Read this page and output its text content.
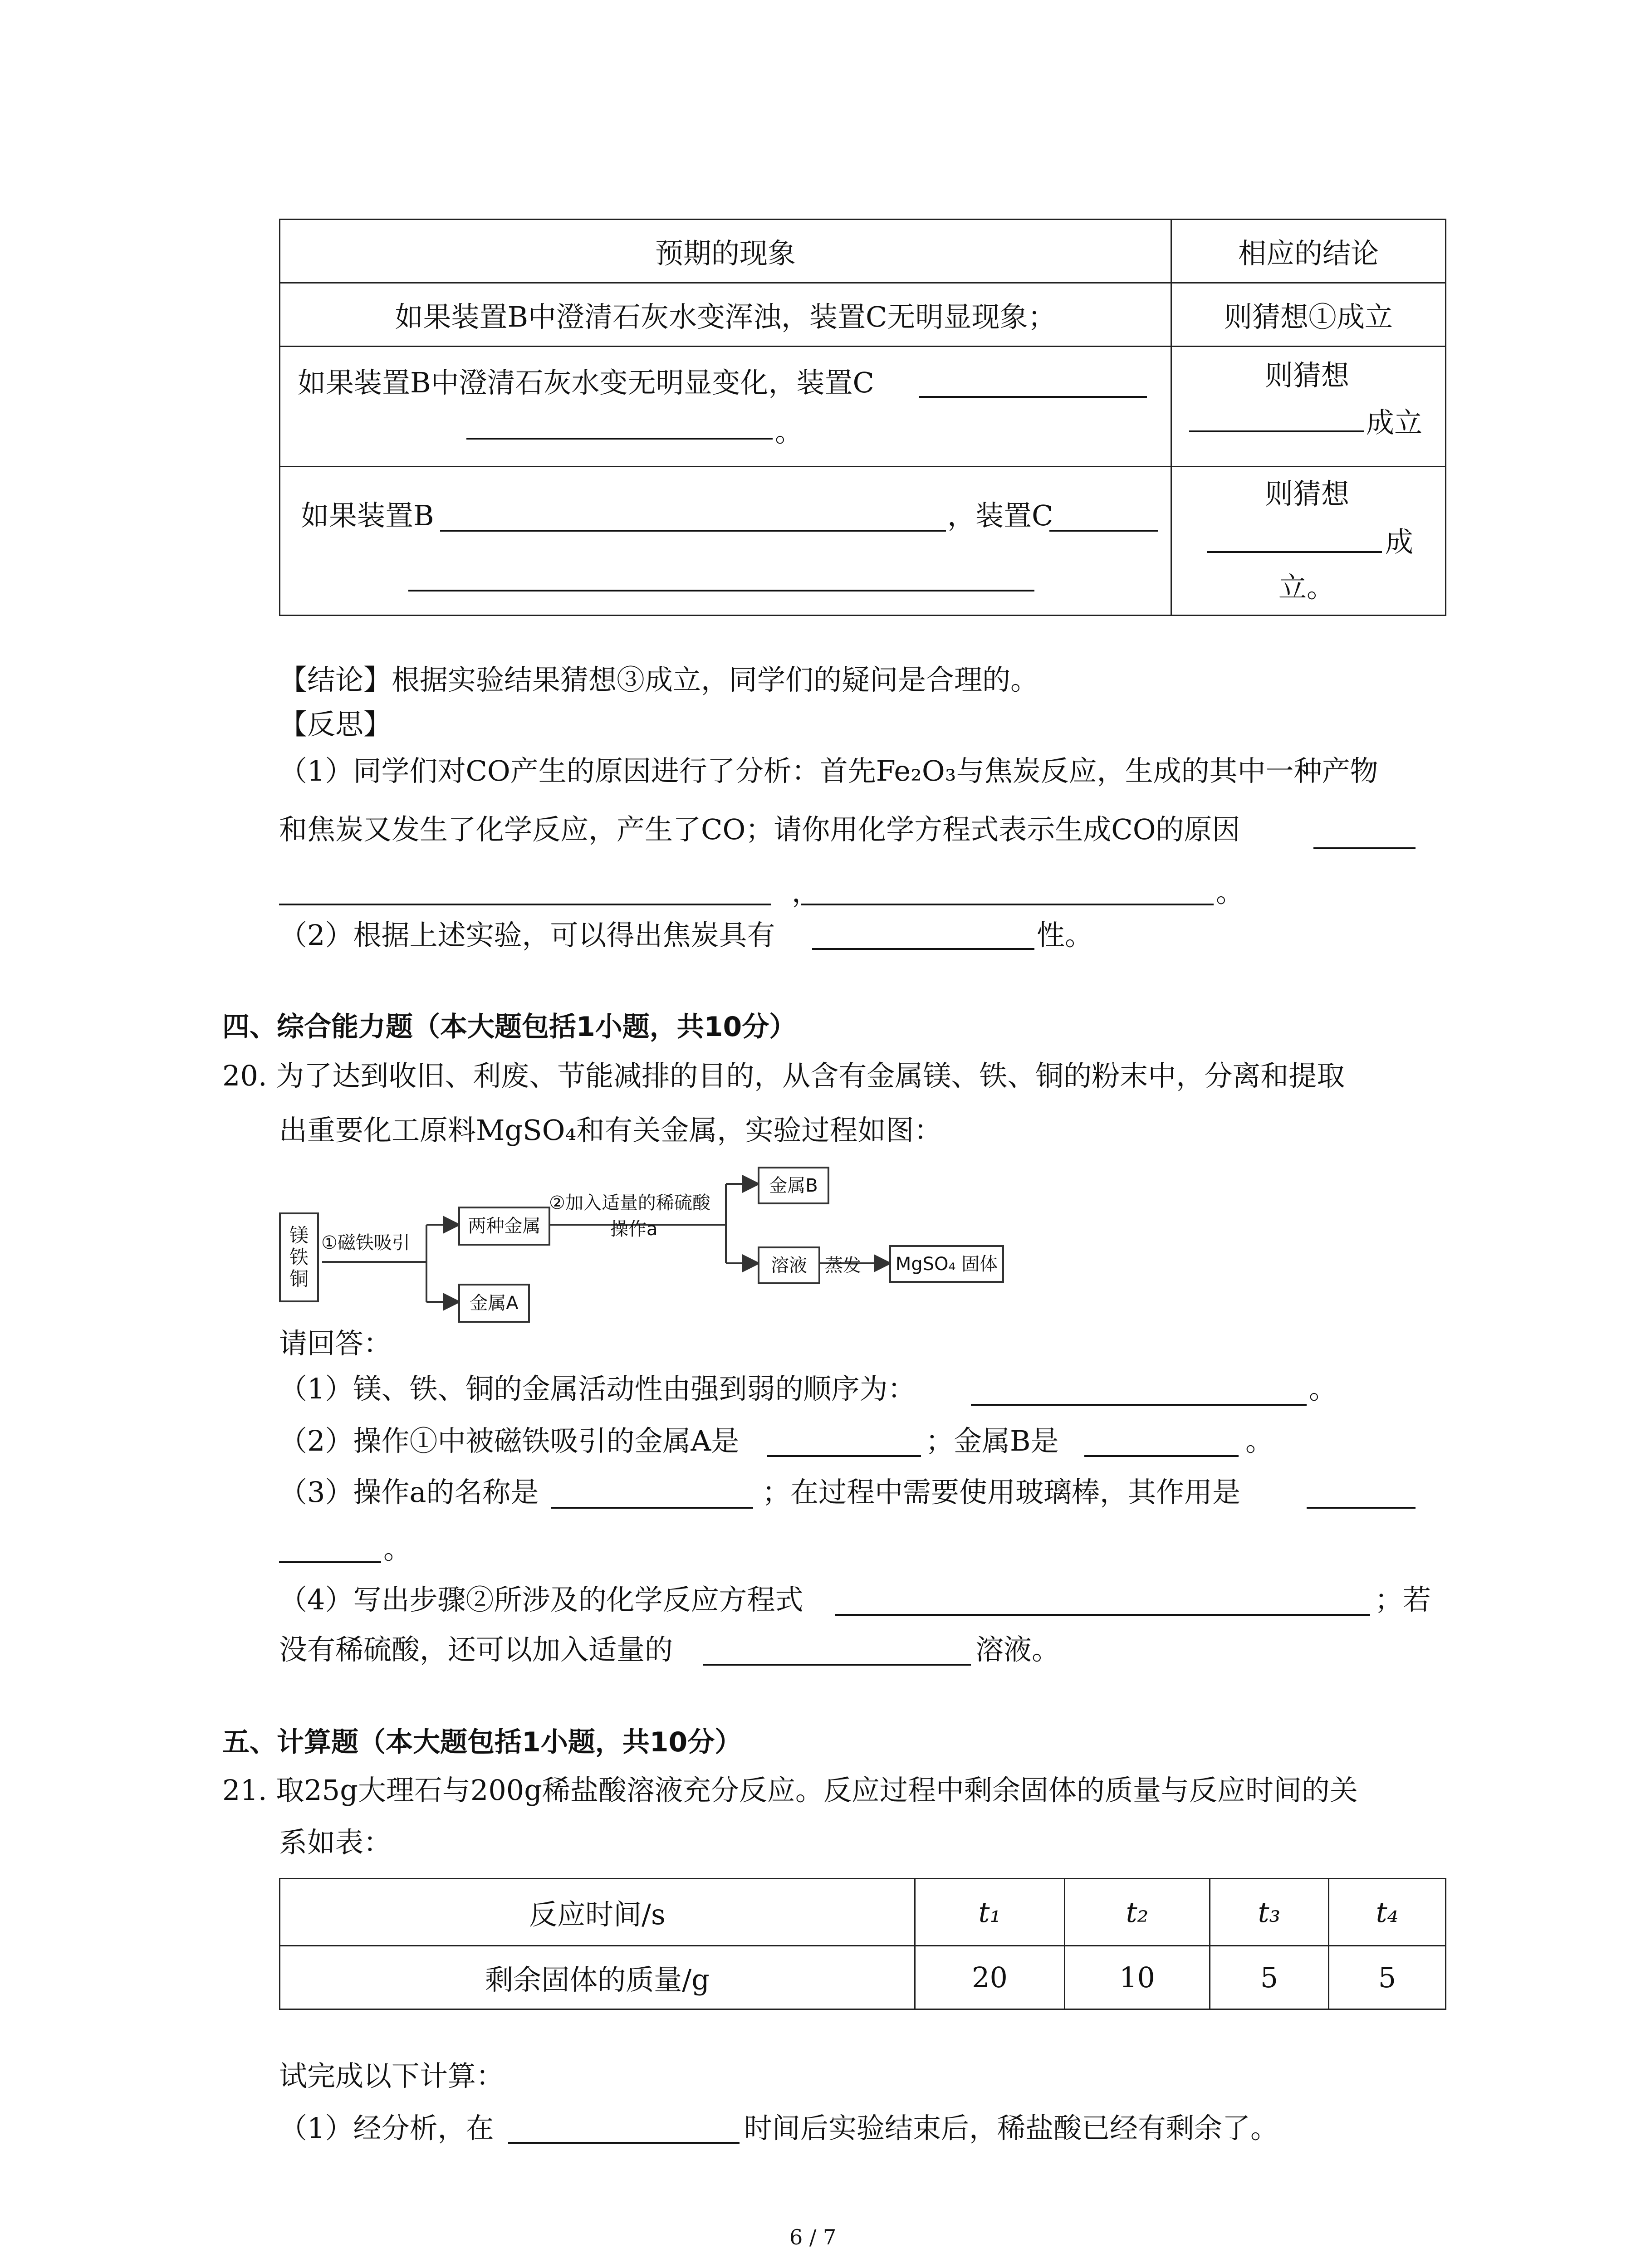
预期的现象	相应的结论
如果装置B中澄清石灰水变浑浊，装置C无明显现象；	则猜想①成立

如果装置B中澄清石灰水变无明显变化，装置C
。	则猜想
成立

如果装置B ，装置C	则猜想
成
立。
【结论】根据实验结果猜想③成立，同学们的疑问是合理的。
【反思】
（1）同学们对CO产生的原因进行了分析：首先Fe₂O₃与焦炭反应，生成的其中一种产物
和焦炭又发生了化学反应，产生了CO；请你用化学方程式表示生成CO的原因
，	。
（2）根据上述实验，可以得出焦炭具有	性。
四、综合能力题（本大题包括1小题，共10分）
20. 为了达到收旧、利废、节能减排的目的，从含有金属镁、铁、铜的粉末中，分离和提取
出重要化工原料MgSO₄和有关金属，实验过程如图：
镁
铁
铜
①磁铁吸引
两种金属
金属A
②加入适量的稀硫酸
操作a
金属B
溶液 蒸发	MgSO₄ 固体
请回答：
（1）镁、铁、铜的金属活动性由强到弱的顺序为：	。
（2）操作①中被磁铁吸引的金属A是	；金属B是	。
（3）操作a的名称是	；在过程中需要使用玻璃棒，其作用是
。
（4）写出步骤②所涉及的化学反应方程式	；若
没有稀硫酸，还可以加入适量的	溶液。
五、计算题（本大题包括1小题，共10分）
21. 取25g大理石与200g稀盐酸溶液充分反应。反应过程中剩余固体的质量与反应时间的关
系如表：
反应时间/s	t₁	t₂	t₃	t₄
剩余固体的质量/g	20	10	5	5
试完成以下计算：
（1）经分析，在	时间后实验结束后，稀盐酸已经有剩余了。
6 / 7
